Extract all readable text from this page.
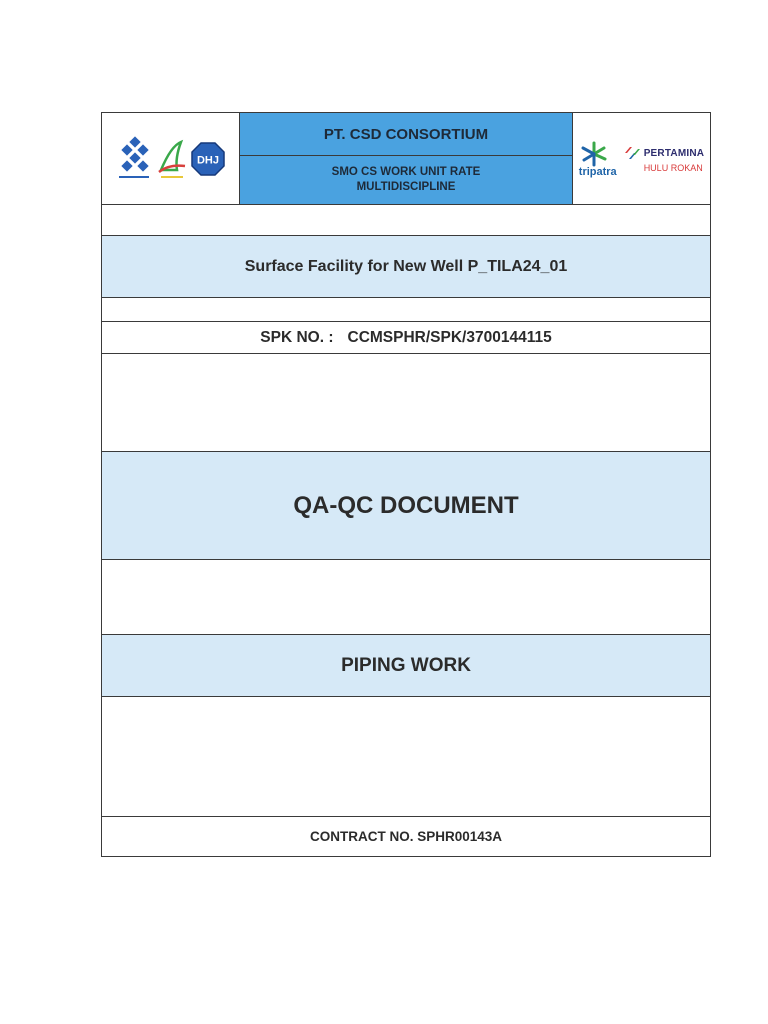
DHJ
PT. CSD CONSORTIUM
SMO CS WORK UNIT RATE
MULTIDISCIPLINE
tripatra
PERTAMINA
HULU ROKAN
Surface Facility for New Well P_TILA24_01
SPK NO. : CCMSPHR/SPK/3700144115
QA-QC DOCUMENT
PIPING WORK
CONTRACT NO. SPHR00143A
